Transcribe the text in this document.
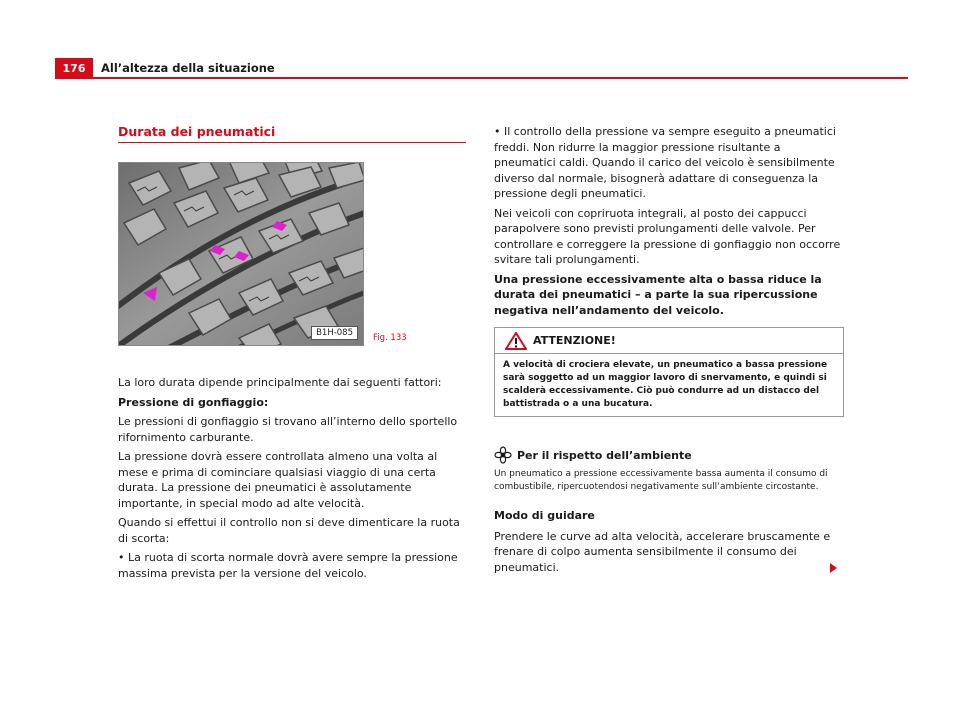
176	All’altezza della situazione
Durata dei pneumatici
B1H-085	Fig. 133

La loro durata dipende principalmente dai seguenti fattori:

Pressione di gonfiaggio:

Le pressioni di gonfiaggio si trovano all’interno dello sportello rifornimento carburante.

La pressione dovrà essere controllata almeno una volta al mese e prima di cominciare qualsiasi viaggio di una certa durata. La pressione dei pneumatici è assolutamente importante, in special modo ad alte velocità.

Quando si effettui il controllo non si deve dimenticare la ruota di scorta:

• La ruota di scorta normale dovrà avere sempre la pressione massima prevista per la versione del veicolo.

• Il controllo della pressione va sempre eseguito a pneumatici freddi. Non ridurre la maggior pressione risultante a pneumatici caldi. Quando il carico del veicolo è sensibilmente diverso dal normale, bisognerà adattare di conseguenza la pressione degli pneumatici.

Nei veicoli con copriruota integrali, al posto dei cappucci parapolvere sono previsti prolungamenti delle valvole. Per controllare e correggere la pressione di gonfiaggio non occorre svitare tali prolungamenti.

Una pressione eccessivamente alta o bassa riduce la durata dei pneumatici – a parte la sua ripercussione negativa nell’andamento del veicolo.

ATTENZIONE!
A velocità di crociera elevate, un pneumatico a bassa pressione sarà soggetto ad un maggior lavoro di snervamento, e quindi si scalderà eccessivamente. Ciò può condurre ad un distacco del battistrada o a una bucatura.
Per il rispetto dell’ambiente
Un pneumatico a pressione eccessivamente bassa aumenta il consumo di combustibile, ripercuotendosi negativamente sull’ambiente circostante.

Modo di guidare

Prendere le curve ad alta velocità, accelerare bruscamente e frenare di colpo aumenta sensibilmente il consumo dei pneumatici.
